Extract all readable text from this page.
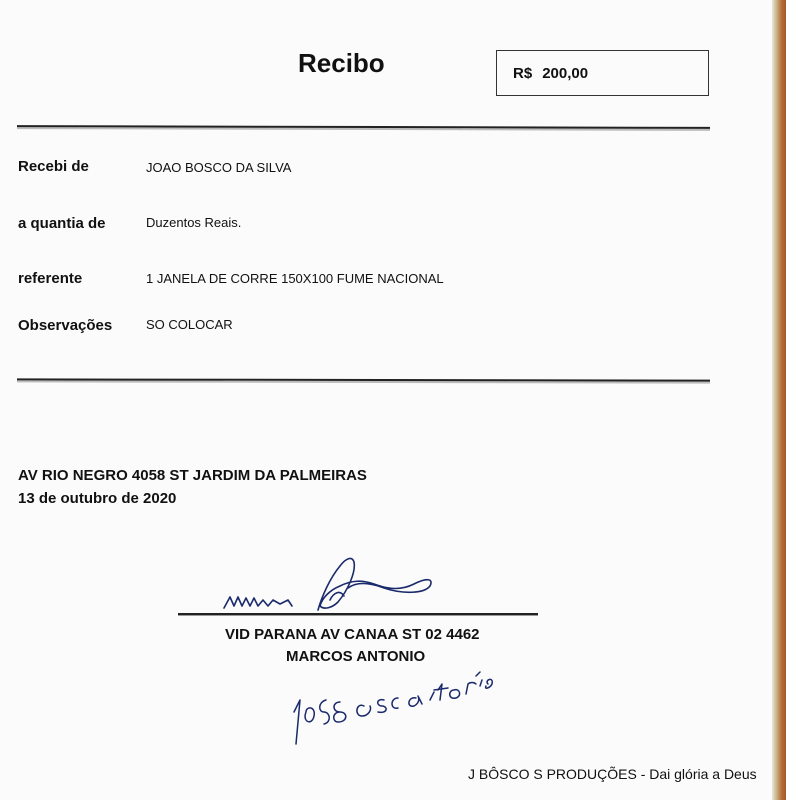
Recibo	R$ 200,00
Recebi de	JOAO BOSCO DA SILVA
a quantia de	Duzentos Reais.
referente	1 JANELA DE CORRE 150X100 FUME NACIONAL
Observações	SO COLOCAR
AV RIO NEGRO 4058 ST JARDIM DA PALMEIRAS
13 de outubro de 2020
VID PARANA AV CANAA ST 02 4462
MARCOS ANTONIO
J BÔSCO S PRODUÇÕES - Dai glória a Deus
